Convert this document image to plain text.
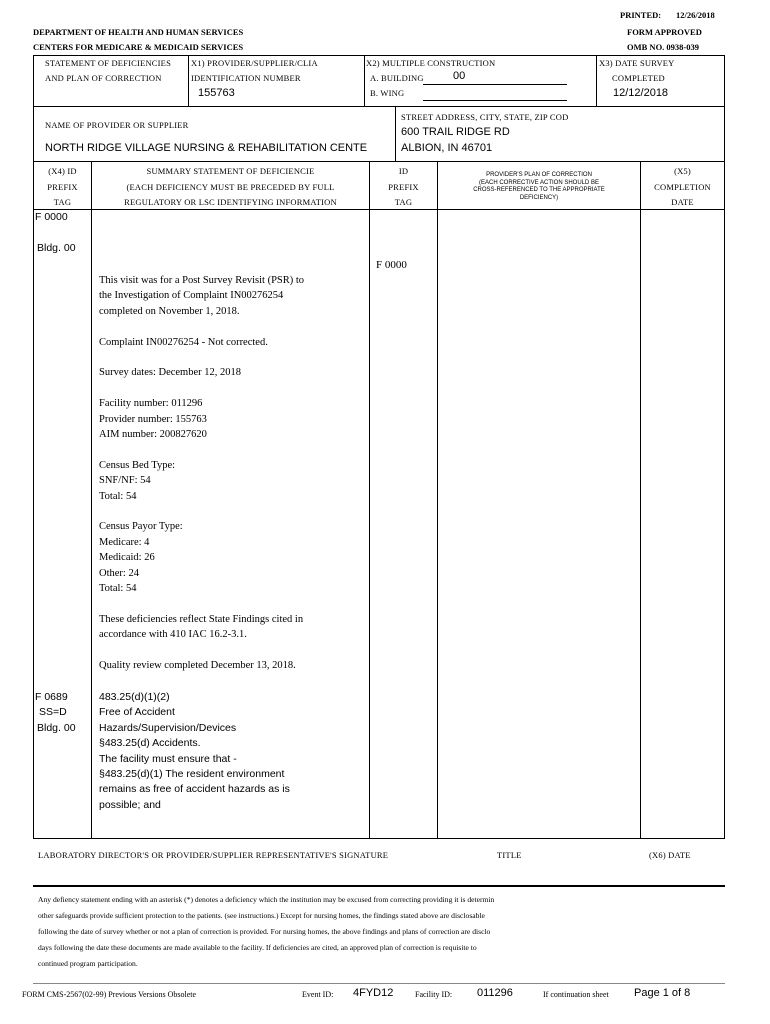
PRINTED: 12/26/2018
DEPARTMENT OF HEALTH AND HUMAN SERVICES	FORM APPROVED
CENTERS FOR MEDICARE & MEDICAID SERVICES	OMB NO. 0938-039
STATEMENT OF DEFICIENCIES
AND PLAN OF CORRECTION
X1) PROVIDER/SUPPLIER/CLIA
IDENTIFICATION NUMBER
155763
X2) MULTIPLE CONSTRUCTION
A. BUILDING	00
B. WING
X3) DATE SURVEY
COMPLETED
12/12/2018
NAME OF PROVIDER OR SUPPLIER
NORTH RIDGE VILLAGE NURSING & REHABILITATION CENTE
STREET ADDRESS, CITY, STATE, ZIP COD
600 TRAIL RIDGE RD
ALBION, IN 46701
(X4) ID
PREFIX
TAG
SUMMARY STATEMENT OF DEFICIENCIE
(EACH DEFICIENCY MUST BE PRECEDED BY FULL
REGULATORY OR LSC IDENTIFYING INFORMATION
ID
PREFIX
TAG
PROVIDER'S PLAN OF CORRECTION
(EACH CORRECTIVE ACTION SHOULD BE
CROSS-REFERENCED TO THE APPROPRIATE
DEFICIENCY)
(X5)
COMPLETION
DATE
F 0000
Bldg. 00
F 0000
This visit was for a Post Survey Revisit (PSR) to
the Investigation of Complaint IN00276254
completed on November 1, 2018.
Complaint IN00276254 - Not corrected.
Survey dates: December 12, 2018
Facility number: 011296
Provider number: 155763
AIM number: 200827620
Census Bed Type:
SNF/NF: 54
Total: 54
Census Payor Type:
Medicare: 4
Medicaid: 26
Other: 24
Total: 54
These deficiencies reflect State Findings cited in
accordance with 410 IAC 16.2-3.1.
Quality review completed December 13, 2018.
F 0689
SS=D
Bldg. 00
483.25(d)(1)(2)
Free of Accident
Hazards/Supervision/Devices
§483.25(d) Accidents.
The facility must ensure that -
§483.25(d)(1) The resident environment
remains as free of accident hazards as is
possible; and
LABORATORY DIRECTOR'S OR PROVIDER/SUPPLIER REPRESENTATIVE'S SIGNATURE	TITLE	(X6) DATE
Any defiency statement ending with an asterisk (*) denotes a deficiency which the institution may be excused from correcting providing it is determin
other safeguards provide sufficient protection to the patients. (see instructions.) Except for nursing homes, the findings stated above are disclosable
following the date of survey whether or not a plan of correction is provided. For nursing homes, the above findings and plans of correction are disclo
days following the date these documents are made available to the facility. If deficiencies are cited, an approved plan of correction is requisite to
continued program participation.
FORM CMS-2567(02-99) Previous Versions Obsolete	Event ID: 4FYD12	Facility ID: 011296	If continuation sheet Page 1 of 8
